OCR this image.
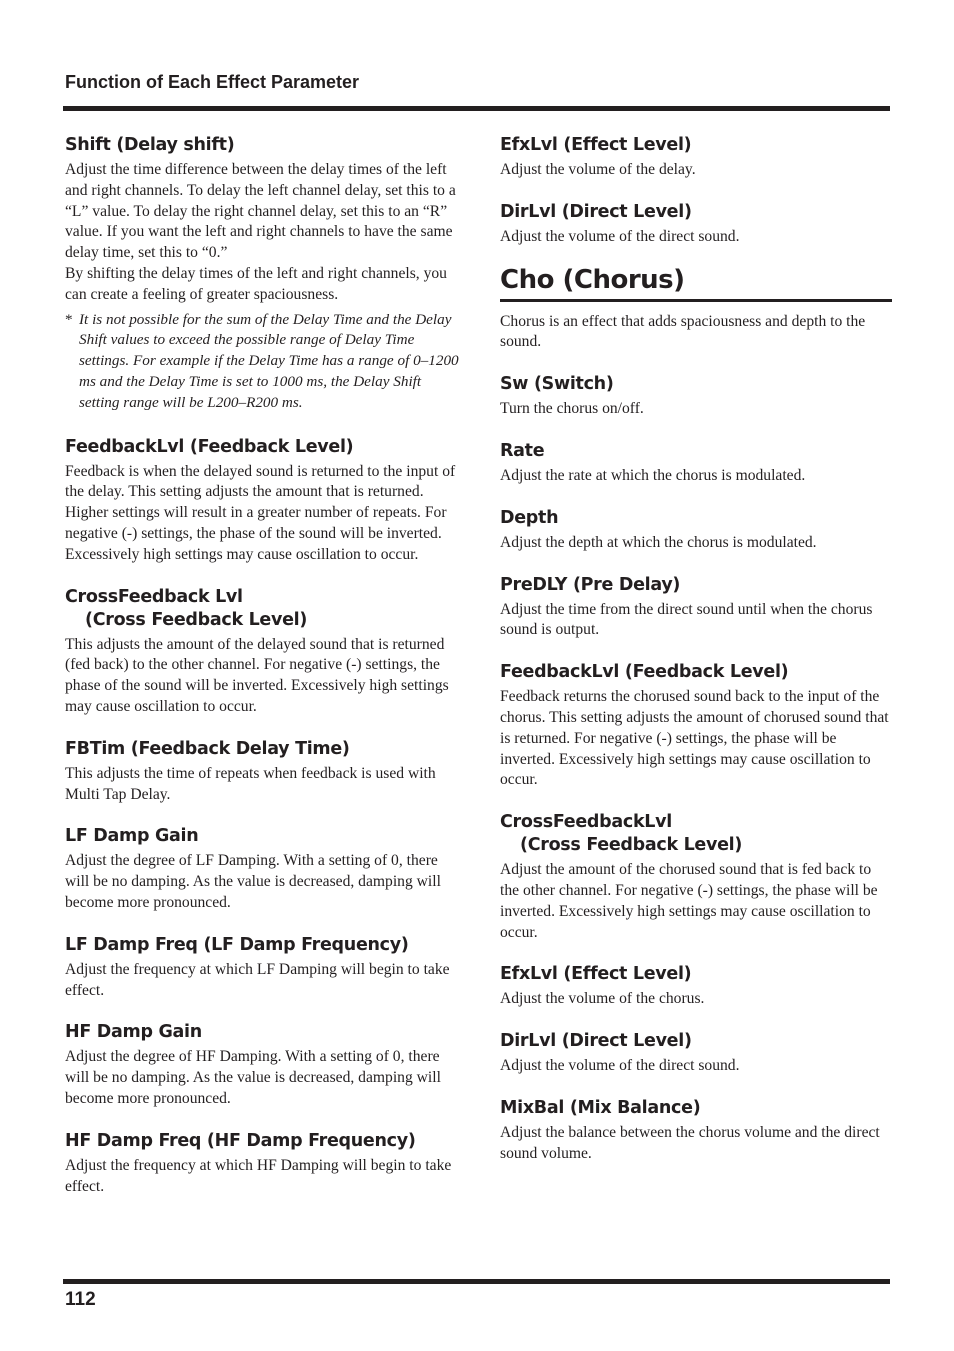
Function of Each Effect Parameter
Shift (Delay shift)

Adjust the time difference between the delay times of the left and right channels. To delay the left channel delay, set this to a “L” value. To delay the right channel delay, set this to an “R” value. If you want the left and right channels to have the same delay time, set this to “0.”

By shifting the delay times of the left and right channels, you can create a feeling of greater spaciousness.

* It is not possible for the sum of the Delay Time and the Delay Shift values to exceed the possible range of Delay Time settings. For example if the Delay Time has a range of 0–1200 ms and the Delay Time is set to 1000 ms, the Delay Shift setting range will be L200–R200 ms.
FeedbackLvl (Feedback Level)

Feedback is when the delayed sound is returned to the input of the delay. This setting adjusts the amount that is returned. Higher settings will result in a greater number of repeats. For negative (-) settings, the phase of the sound will be inverted. Excessively high settings may cause oscillation to occur.

CrossFeedback Lvl
(Cross Feedback Level)

This adjusts the amount of the delayed sound that is returned (fed back) to the other channel. For negative (-) settings, the phase of the sound will be inverted. Excessively high settings may cause oscillation to occur.

FBTim (Feedback Delay Time)

This adjusts the time of repeats when feedback is used with Multi Tap Delay.

LF Damp Gain

Adjust the degree of LF Damping. With a setting of 0, there will be no damping. As the value is decreased, damping will become more pronounced.

LF Damp Freq (LF Damp Frequency)

Adjust the frequency at which LF Damping will begin to take effect.

HF Damp Gain

Adjust the degree of HF Damping. With a setting of 0, there will be no damping. As the value is decreased, damping will become more pronounced.

HF Damp Freq (HF Damp Frequency)

Adjust the frequency at which HF Damping will begin to take effect.

EfxLvl (Effect Level)

Adjust the volume of the delay.

DirLvl (Direct Level)

Adjust the volume of the direct sound.

Cho (Chorus)

Chorus is an effect that adds spaciousness and depth to the sound.

Sw (Switch)

Turn the chorus on/off.

Rate

Adjust the rate at which the chorus is modulated.

Depth

Adjust the depth at which the chorus is modulated.

PreDLY (Pre Delay)

Adjust the time from the direct sound until when the chorus sound is output.

FeedbackLvl (Feedback Level)

Feedback returns the chorused sound back to the input of the chorus. This setting adjusts the amount of chorused sound that is returned. For negative (-) settings, the phase will be inverted. Excessively high settings may cause oscillation to occur.

CrossFeedbackLvl
(Cross Feedback Level)

Adjust the amount of the chorused sound that is fed back to the other channel. For negative (-) settings, the phase will be inverted. Excessively high settings may cause oscillation to occur.

EfxLvl (Effect Level)

Adjust the volume of the chorus.

DirLvl (Direct Level)

Adjust the volume of the direct sound.

MixBal (Mix Balance)

Adjust the balance between the chorus volume and the direct sound volume.

112
